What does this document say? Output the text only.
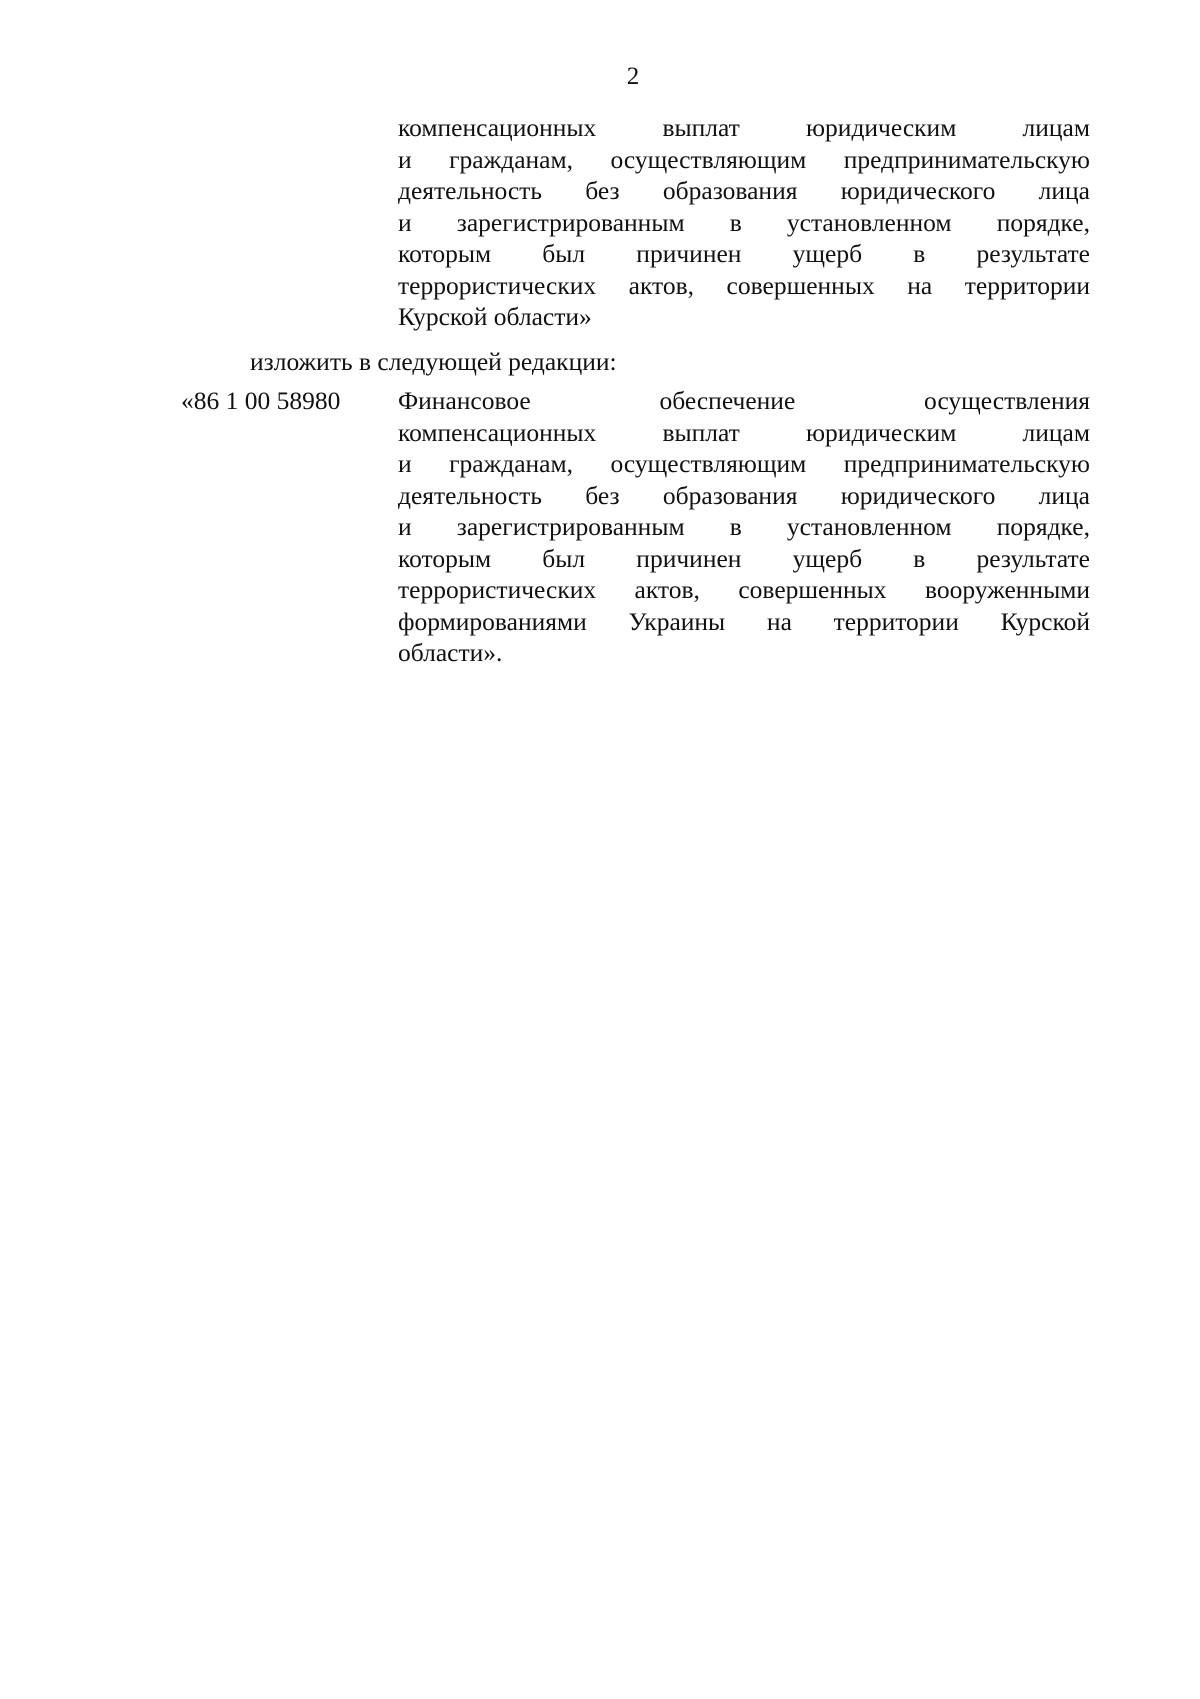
2
компенсационных выплат юридическим лицам
и гражданам, осуществляющим предпринимательскую
деятельность без образования юридического лица
и зарегистрированным в установленном порядке,
которым был причинен ущерб в результате
террористических актов, совершенных на территории
Курской области»
изложить в следующей редакции:
«86 1 00 58980 Финансовое обеспечение осуществления
компенсационных выплат юридическим лицам
и гражданам, осуществляющим предпринимательскую
деятельность без образования юридического лица
и зарегистрированным в установленном порядке,
которым был причинен ущерб в результате
террористических актов, совершенных вооруженными
формированиями Украины на территории Курской
области».
